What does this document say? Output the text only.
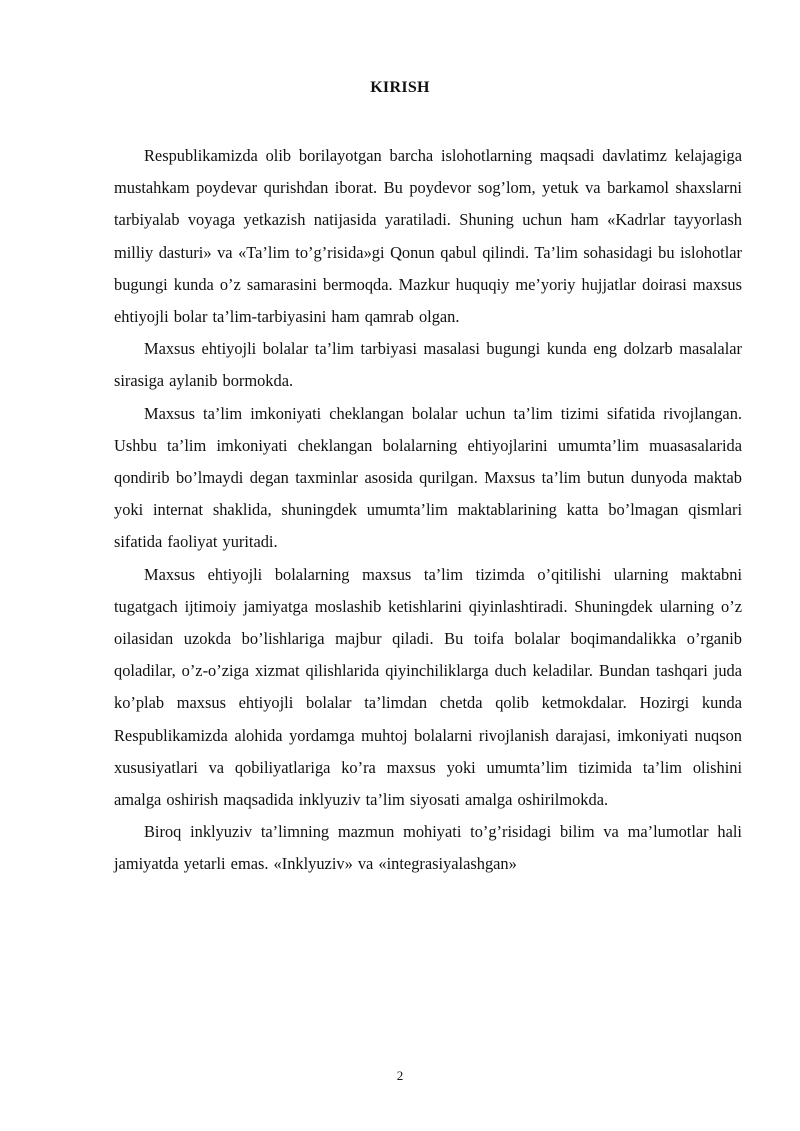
KIRISH

Respublikamizda olib borilayotgan barcha islohotlarning maqsadi davlatimz kelajagiga mustahkam poydevar qurishdan iborat. Bu poydevor sog’lom, yetuk va barkamol shaxslarni tarbiyalab voyaga yetkazish natijasida yaratiladi. Shuning uchun ham «Kadrlar tayyorlash milliy dasturi» va «Ta’lim to’g’risida»gi Qonun qabul qilindi. Ta’lim sohasidagi bu islohotlar bugungi kunda o’z samarasini bermoqda. Mazkur huquqiy me’yoriy hujjatlar doirasi maxsus ehtiyojli bolar ta’lim-tarbiyasini ham qamrab olgan.

Maxsus ehtiyojli bolalar ta’lim tarbiyasi masalasi bugungi kunda eng dolzarb masalalar sirasiga aylanib bormokda.

Maxsus ta’lim imkoniyati cheklangan bolalar uchun ta’lim tizimi sifatida rivojlangan. Ushbu ta’lim imkoniyati cheklangan bolalarning ehtiyojlarini umumta’lim muasasalarida qondirib bo’lmaydi degan taxminlar asosida qurilgan. Maxsus ta’lim butun dunyoda maktab yoki internat shaklida, shuningdek umumta’lim maktablarining katta bo’lmagan qismlari sifatida faoliyat yuritadi.

Maxsus ehtiyojli bolalarning maxsus ta’lim tizimda o’qitilishi ularning maktabni tugatgach ijtimoiy jamiyatga moslashib ketishlarini qiyinlashtiradi. Shuningdek ularning o’z oilasidan uzokda bo’lishlariga majbur qiladi. Bu toifa bolalar boqimandalikka o’rganib qoladilar, o’z-o’ziga xizmat qilishlarida qiyinchiliklarga duch keladilar. Bundan tashqari juda ko’plab maxsus ehtiyojli bolalar ta’limdan chetda qolib ketmokdalar. Hozirgi kunda Respublikamizda alohida yordamga muhtoj bolalarni rivojlanish darajasi, imkoniyati nuqson xususiyatlari va qobiliyatlariga ko’ra maxsus yoki umumta’lim tizimida ta’lim olishini amalga oshirish maqsadida inklyuziv ta’lim siyosati amalga oshirilmokda.

Biroq inklyuziv ta’limning mazmun mohiyati to’g’risidagi bilim va ma’lumotlar hali jamiyatda yetarli emas. «Inklyuziv» va «integrasiyalashgan»

2
